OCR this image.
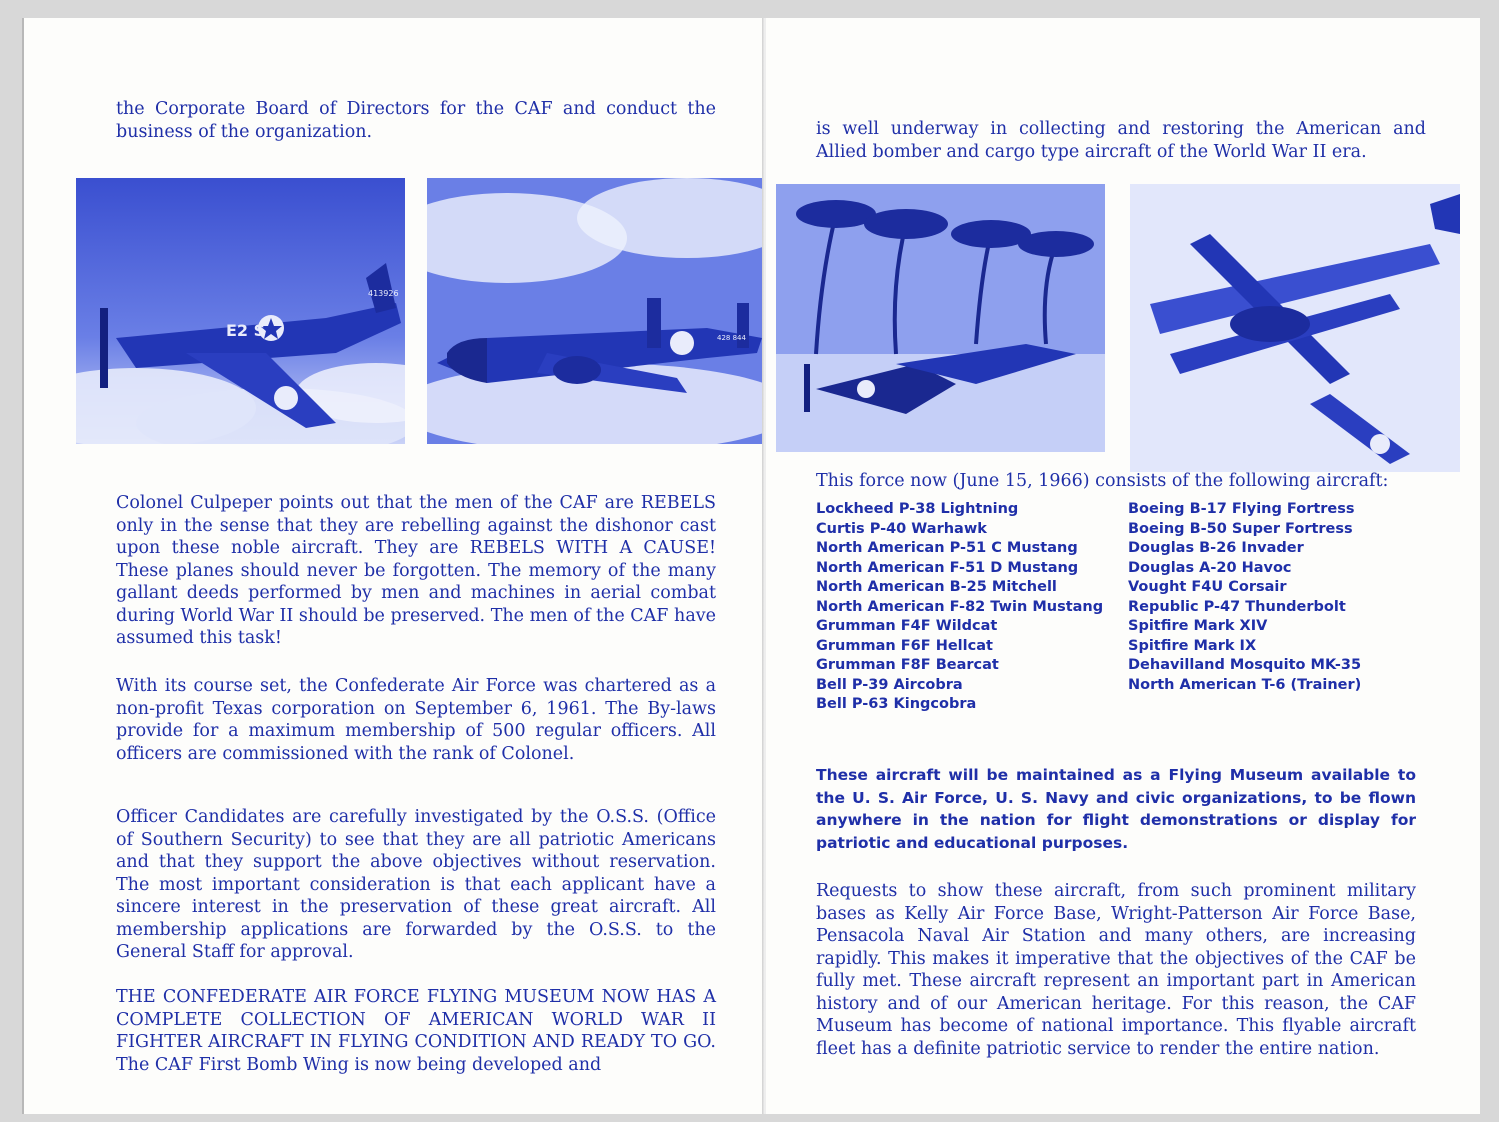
the Corporate Board of Directors for the CAF and conduct the business of the organization.

E2 S
413926
428 844

Colonel Culpeper points out that the men of the CAF are REBELS only in the sense that they are rebelling against the dishonor cast upon these noble aircraft. They are REBELS WITH A CAUSE! These planes should never be forgotten. The memory of the many gallant deeds performed by men and machines in aerial combat during World War II should be preserved. The men of the CAF have assumed this task!

With its course set, the Confederate Air Force was chartered as a non-profit Texas corporation on September 6, 1961. The By-laws provide for a maximum membership of 500 regular officers. All officers are commissioned with the rank of Colonel.

Officer Candidates are carefully investigated by the O.S.S. (Office of Southern Security) to see that they are all patriotic Americans and that they support the above objectives without reservation. The most important consideration is that each applicant have a sincere interest in the preservation of these great aircraft. All membership applications are forwarded by the O.S.S. to the General Staff for approval.

THE CONFEDERATE AIR FORCE FLYING MUSEUM NOW HAS A COMPLETE COLLECTION OF AMERICAN WORLD WAR II FIGHTER AIRCRAFT IN FLYING CONDITION AND READY TO GO. The CAF First Bomb Wing is now being developed and

is well underway in collecting and restoring the American and Allied bomber and cargo type aircraft of the World War II era.

This force now (June 15, 1966) consists of the following aircraft:

Lockheed P-38 Lightning
Curtis P-40 Warhawk
North American P-51 C Mustang
North American F-51 D Mustang
North American B-25 Mitchell
North American F-82 Twin Mustang
Grumman F4F Wildcat
Grumman F6F Hellcat
Grumman F8F Bearcat
Bell P-39 Aircobra
Bell P-63 Kingcobra
Boeing B-17 Flying Fortress
Boeing B-50 Super Fortress
Douglas B-26 Invader
Douglas A-20 Havoc
Vought F4U Corsair
Republic P-47 Thunderbolt
Spitfire Mark XIV
Spitfire Mark IX
Dehavilland Mosquito MK-35
North American T-6 (Trainer)

These aircraft will be maintained as a Flying Museum available to the U. S. Air Force, U. S. Navy and civic organizations, to be flown anywhere in the nation for flight demonstrations or display for patriotic and educational purposes.

Requests to show these aircraft, from such prominent military bases as Kelly Air Force Base, Wright-Patterson Air Force Base, Pensacola Naval Air Station and many others, are increasing rapidly. This makes it imperative that the objectives of the CAF be fully met. These aircraft represent an important part in American history and of our American heritage. For this reason, the CAF Museum has become of national importance. This flyable aircraft fleet has a definite patriotic service to render the entire nation.
